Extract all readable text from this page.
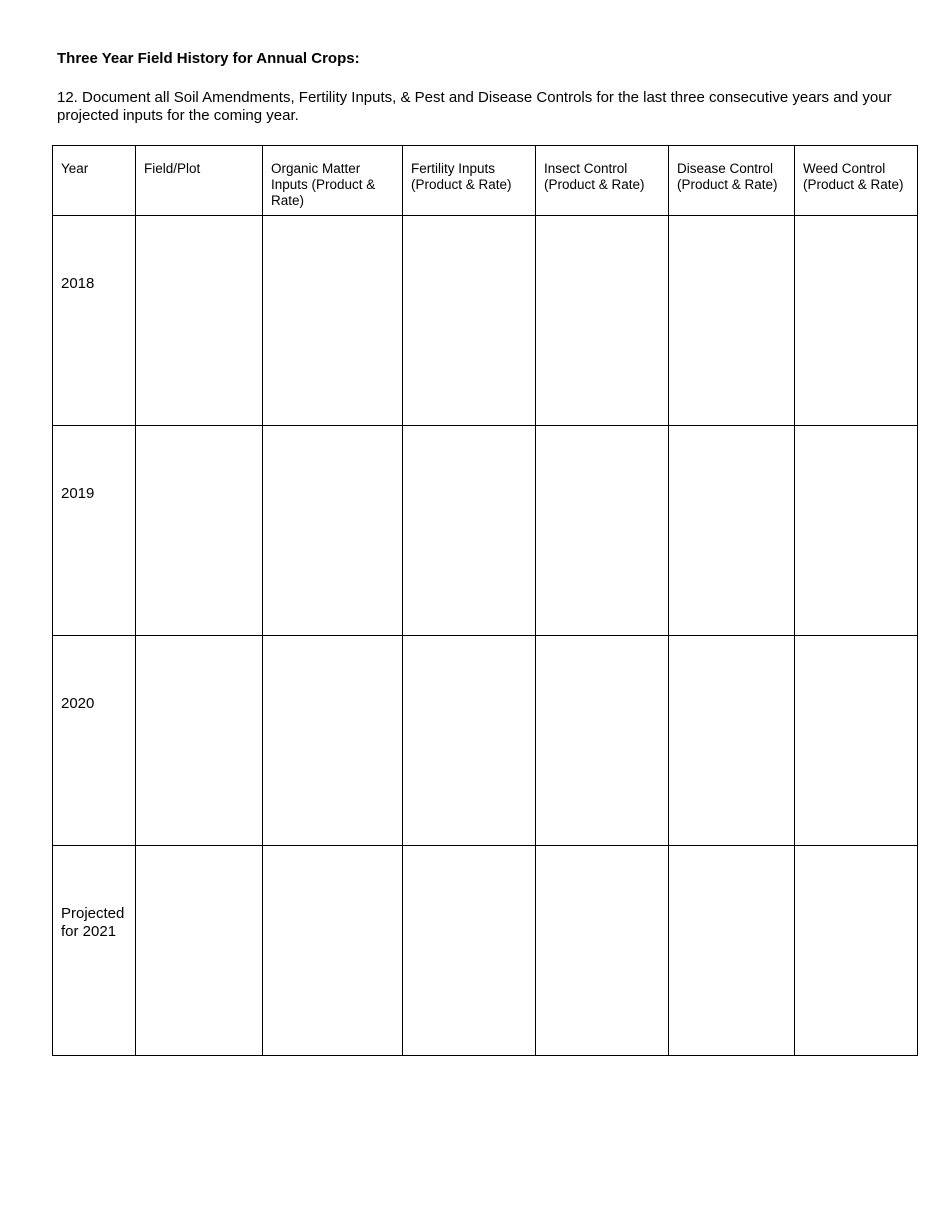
Three Year Field History for Annual Crops:

12. Document all Soil Amendments, Fertility Inputs, & Pest and Disease Controls for the last three consecutive years and your projected inputs for the coming year.

Year	Field/Plot	Organic Matter Inputs (Product & Rate)	Fertility Inputs (Product & Rate)	Insect Control (Product & Rate)	Disease Control (Product & Rate)	Weed Control (Product & Rate)

2018						

2019						

2020						

Projected for 2021						
